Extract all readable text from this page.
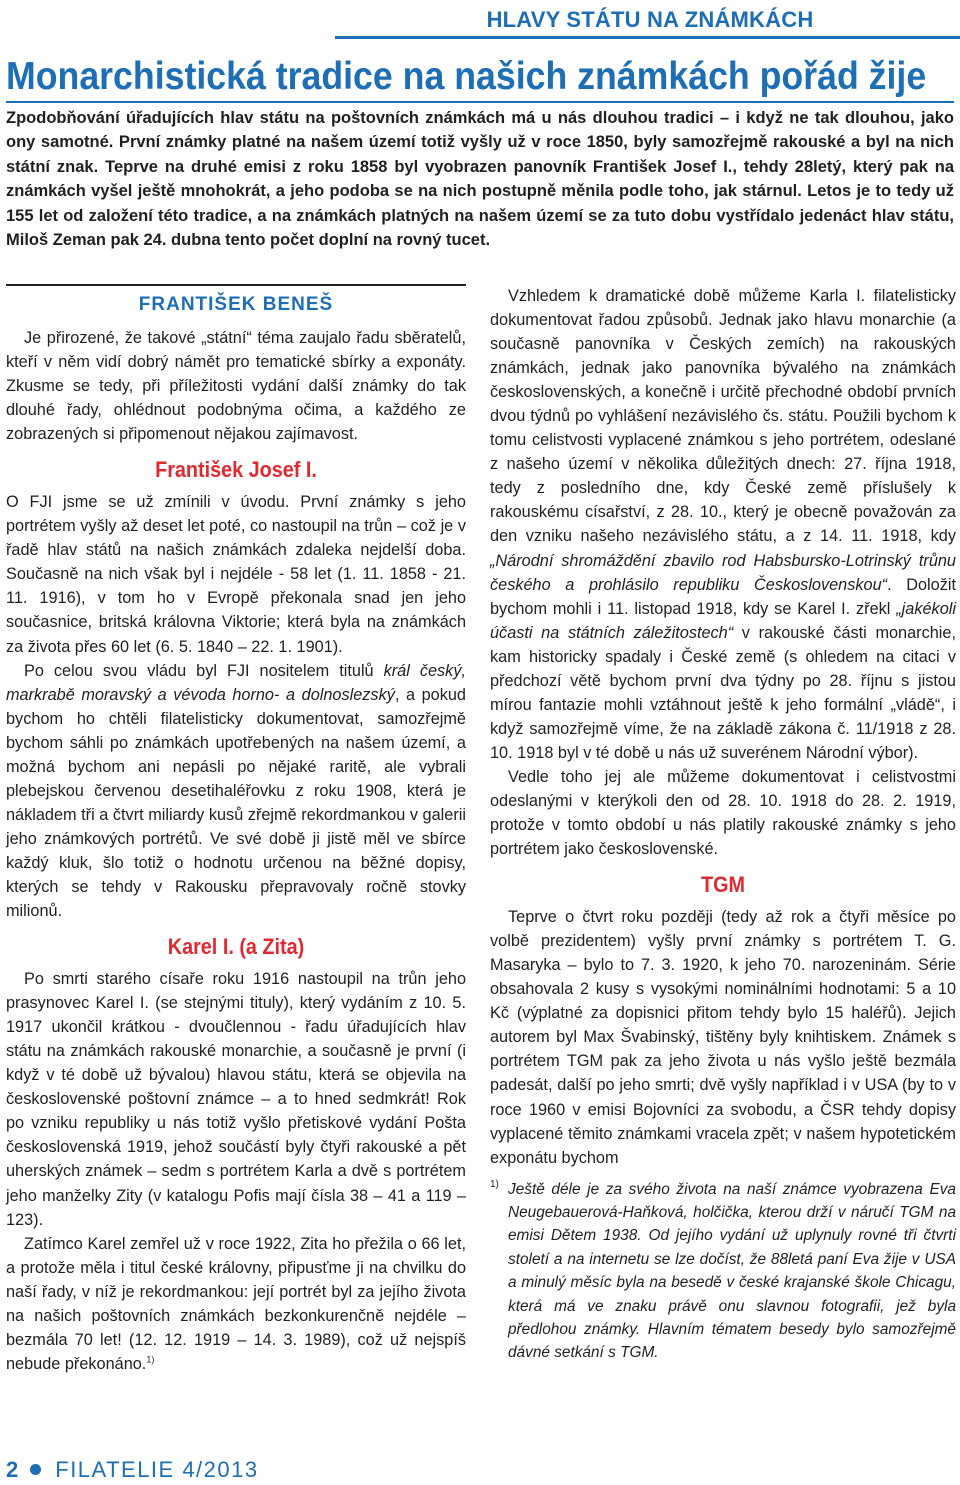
HLAVY STÁTU NA ZNÁMKÁCH
Monarchistická tradice na našich známkách pořád žije
Zpodobňování úřadujících hlav státu na poštovních známkách má u nás dlouhou tradici – i když ne tak dlouhou, jako ony samotné. První známky platné na našem území totiž vyšly už v roce 1850, byly samozřejmě rakouské a byl na nich státní znak. Teprve na druhé emisi z roku 1858 byl vyobrazen panovník František Josef I., tehdy 28letý, který pak na známkách vyšel ještě mnohokrát, a jeho podoba se na nich postupně měnila podle toho, jak stárnul. Letos je to tedy už 155 let od založení této tradice, a na známkách platných na našem území se za tuto dobu vystřídalo jedenáct hlav státu, Miloš Zeman pak 24. dubna tento počet doplní na rovný tucet.
FRANTIŠEK BENEŠ

Je přirozené, že takové „státní“ téma zaujalo řadu sběratelů, kteří v něm vidí dobrý námět pro tematické sbírky a exponáty. Zkusme se tedy, při příležitosti vydání další známky do tak dlouhé řady, ohlédnout podobnýma očima, a každého ze zobrazených si připomenout nějakou zajímavost.

František Josef I.

O FJI jsme se už zmínili v úvodu. První známky s jeho portrétem vyšly až deset let poté, co nastoupil na trůn – což je v řadě hlav států na našich známkách zdaleka nejdelší doba. Současně na nich však byl i nejdéle - 58 let (1. 11. 1858 - 21. 11. 1916), v tom ho v Evropě překonala snad jen jeho současnice, britská královna Viktorie; která byla na známkách za života přes 60 let (6. 5. 1840 – 22. 1. 1901).

Po celou svou vládu byl FJI nositelem titulů král český, markrabě moravský a vévoda horno- a dolnoslezský, a pokud bychom ho chtěli filatelisticky dokumentovat, samozřejmě bychom sáhli po známkách upotřebených na našem území, a možná bychom ani nepásli po nějaké raritě, ale vybrali plebejskou červenou desetihaléřovku z roku 1908, která je nákladem tři a čtvrt miliardy kusů zřejmě rekordmankou v galerii jeho známkových portrétů. Ve své době ji jistě měl ve sbírce každý kluk, šlo totiž o hodnotu určenou na běžné dopisy, kterých se tehdy v Rakousku přepravovaly ročně stovky milionů.

Karel I. (a Zita)

Po smrti starého císaře roku 1916 nastoupil na trůn jeho prasynovec Karel I. (se stejnými tituly), který vydáním z 10. 5. 1917 ukončil krátkou - dvoučlennou - řadu úřadujících hlav státu na známkách rakouské monarchie, a současně je první (i když v té době už bývalou) hlavou státu, která se objevila na československé poštovní známce – a to hned sedmkrát! Rok po vzniku republiky u nás totiž vyšlo přetiskové vydání Pošta československá 1919, jehož součástí byly čtyři rakouské a pět uherských známek – sedm s portrétem Karla a dvě s portrétem jeho manželky Zity (v katalogu Pofis mají čísla 38 – 41 a 119 – 123).

Zatímco Karel zemřel už v roce 1922, Zita ho přežila o 66 let, a protože měla i titul české královny, připusťme ji na chvilku do naší řady, v níž je rekordmankou: její portrét byl za jejího života na našich poštovních známkách bezkonkurenčně nejdéle – bezmála 70 let! (12. 12. 1919 – 14. 3. 1989), což už nejspíš nebude překonáno.$^{1)}$

Vzhledem k dramatické době můžeme Karla I. filatelisticky dokumentovat řadou způsobů. Jednak jako hlavu monarchie (a současně panovníka v Českých zemích) na rakouských známkách, jednak jako panovníka bývalého na známkách československých, a konečně i určitě přechodné období prvních dvou týdnů po vyhlášení nezávislého čs. státu. Použili bychom k tomu celistvosti vyplacené známkou s jeho portrétem, odeslané z našeho území v několika důležitých dnech: 27. října 1918, tedy z posledního dne, kdy České země příslušely k rakouskému císařství, z 28. 10., který je obecně považován za den vzniku našeho nezávislého státu, a z 14. 11. 1918, kdy „Národní shromáždění zbavilo rod Habsbursko-Lotrinský trůnu českého a prohlásilo republiku Československou“. Doložit bychom mohli i 11. listopad 1918, kdy se Karel I. zřekl „jakékoli účasti na státních záležitostech“ v rakouské části monarchie, kam historicky spadaly i České země (s ohledem na citaci v předchozí větě bychom první dva týdny po 28. říjnu s jistou mírou fantazie mohli vztáhnout ještě k jeho formální „vládě“, i když samozřejmě víme, že na základě zákona č. 11/1918 z 28. 10. 1918 byl v té době u nás už suverénem Národní výbor).

Vedle toho jej ale můžeme dokumentovat i celistvostmi odeslanými v kterýkoli den od 28. 10. 1918 do 28. 2. 1919, protože v tomto období u nás platily rakouské známky s jeho portrétem jako československé.

TGM

Teprve o čtvrt roku později (tedy až rok a čtyři měsíce po volbě prezidentem) vyšly první známky s portrétem T. G. Masaryka – bylo to 7. 3. 1920, k jeho 70. narozeninám. Série obsahovala 2 kusy s vysokými nominálními hodnotami: 5 a 10 Kč (výplatné za dopisnici přitom tehdy bylo 15 haléřů). Jejich autorem byl Max Švabinský, tištěny byly knihtiskem. Známek s portrétem TGM pak za jeho života u nás vyšlo ještě bezmála padesát, další po jeho smrti; dvě vyšly například i v USA (by to v roce 1960 v emisi Bojovníci za svobodu, a ČSR tehdy dopisy vyplacené těmito známkami vracela zpět; v našem hypotetickém exponátu bychom

1) Ještě déle je za svého života na naší známce vyobrazena Eva Neugebauerová-Haňková, holčička, kterou drží v náručí TGM na emisi Dětem 1938. Od jejího vydání už uplynuly rovné tři čtvrti století a na internetu se lze dočíst, že 88letá paní Eva žije v USA a minulý měsíc byla na besedě v české krajanské škole Chicagu, která má ve znaku právě onu slavnou fotografii, jež byla předlohou známky. Hlavním tématem besedy bylo samozřejmě dávné setkání s TGM.
2 FILATELIE 4/2013
